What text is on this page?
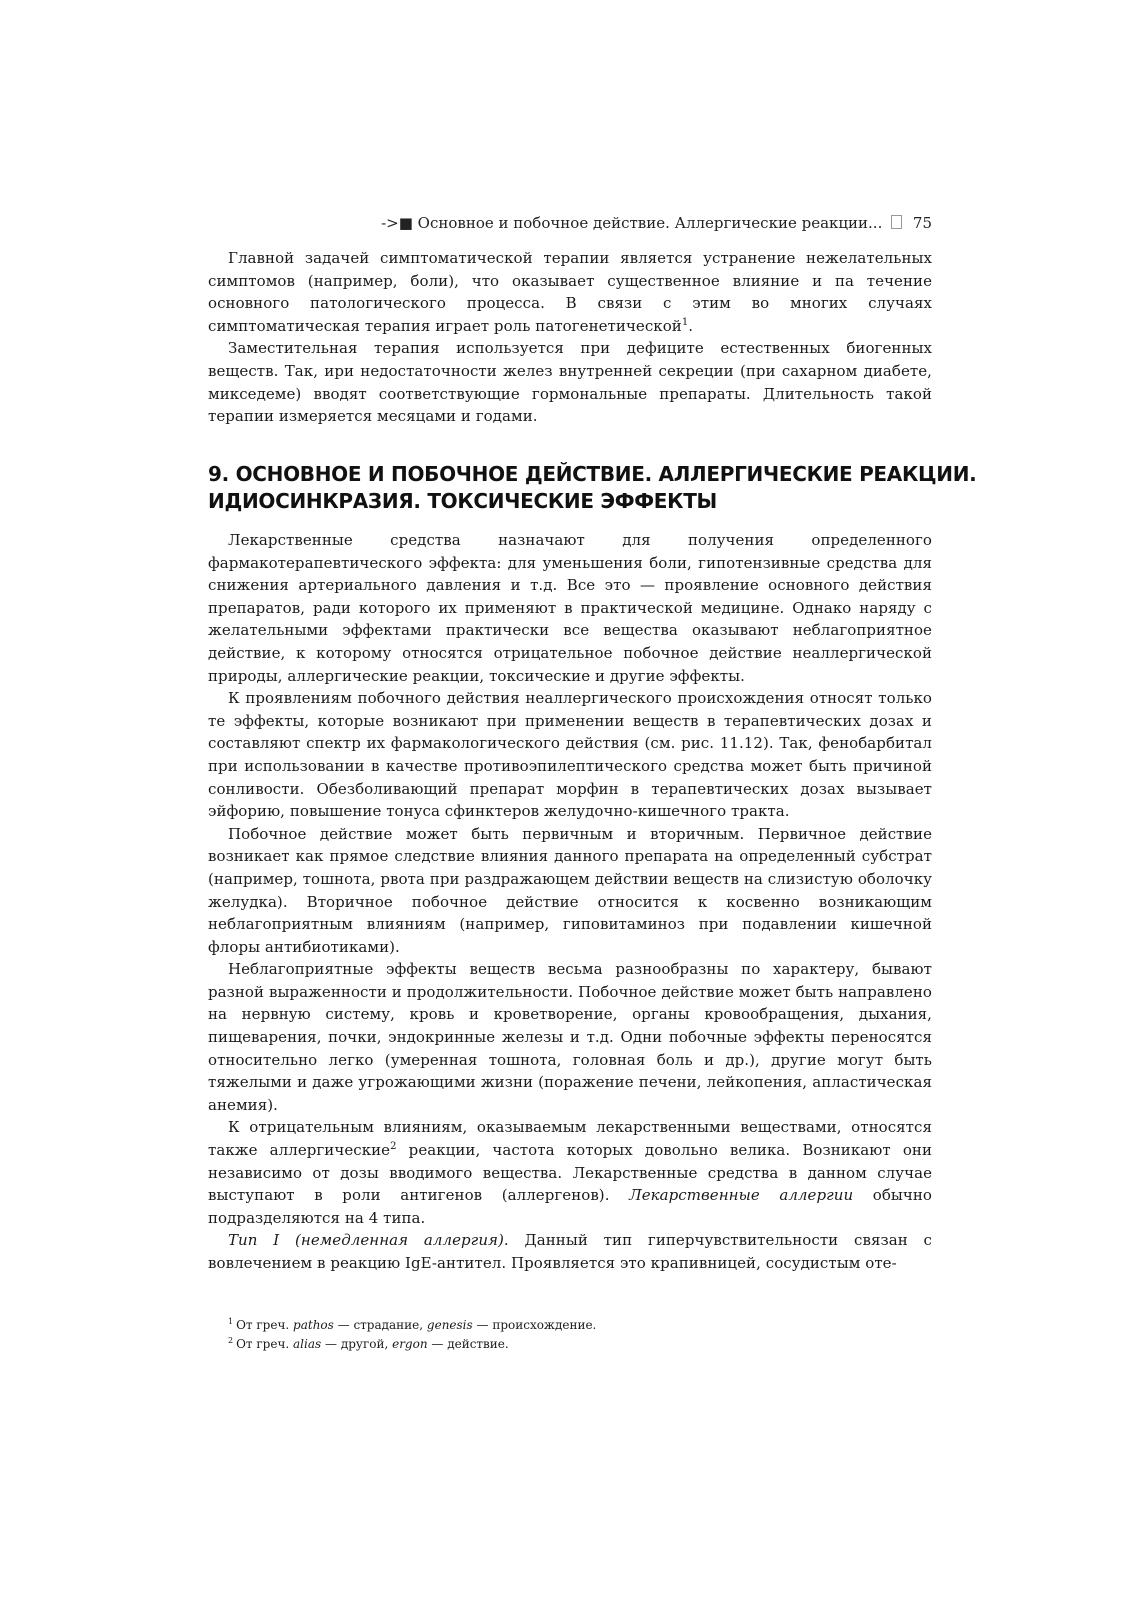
->■ Основное и побочное действие. Аллергические реакции... 75

Главной задачей симптоматической терапии является устранение нежелательных симптомов (например, боли), что оказывает существенное влияние и па течение основного патологического процесса. В связи с этим во многих случаях симптоматическая терапия играет роль патогенетической$^1$.

Заместительная терапия используется при дефиците естественных биогенных веществ. Так, ири недостаточности желез внутренней секреции (при сахарном диабете, микседеме) вводят соответствующие гормональные препараты. Длительность такой терапии измеряется месяцами и годами.

9. ОСНОВНОЕ И ПОБОЧНОЕ ДЕЙСТВИЕ. АЛЛЕРГИЧЕСКИЕ РЕАКЦИИ.
ИДИОСИНКРАЗИЯ. ТОКСИЧЕСКИЕ ЭФФЕКТЫ

Лекарственные средства назначают для получения определенного фармакотерапевтического эффекта: для уменьшения боли, гипотензивные средства для снижения артериального давления и т.д. Все это — проявление основного действия препаратов, ради которого их применяют в практической медицине. Однако наряду с желательными эффектами практически все вещества оказывают неблагоприятное действие, к которому относятся отрицательное побочное действие неаллергической природы, аллергические реакции, токсические и другие эффекты.

К проявлениям побочного действия неаллергического происхождения относят только те эффекты, которые возникают при применении веществ в терапевтических дозах и составляют спектр их фармакологического действия (см. рис. 11.12). Так, фенобарбитал при использовании в качестве противоэпилептического средства может быть причиной сонливости. Обезболивающий препарат морфин в терапевтических дозах вызывает эйфорию, повышение тонуса сфинктеров желудочно-кишечного тракта.

Побочное действие может быть первичным и вторичным. Первичное действие возникает как прямое следствие влияния данного препарата на определенный субстрат (например, тошнота, рвота при раздражающем действии веществ на слизистую оболочку желудка). Вторичное побочное действие относится к косвенно возникающим неблагоприятным влияниям (например, гиповитаминоз при подавлении кишечной флоры антибиотиками).

Неблагоприятные эффекты веществ весьма разнообразны по характеру, бывают разной выраженности и продолжительности. Побочное действие может быть направлено на нервную систему, кровь и кроветворение, органы кровообращения, дыхания, пищеварения, почки, эндокринные железы и т.д. Одни побочные эффекты переносятся относительно легко (умеренная тошнота, головная боль и др.), другие могут быть тяжелыми и даже угрожающими жизни (поражение печени, лейкопения, апластическая анемия).

К отрицательным влияниям, оказываемым лекарственными веществами, относятся также аллергические$^2$ реакции, частота которых довольно велика. Возникают они независимо от дозы вводимого вещества. Лекарственные средства в данном случае выступают в роли антигенов (аллергенов). Лекарственные аллергии обычно подразделяются на 4 типа.

Тип I (немедленная аллергия). Данный тип гиперчувствительности связан с вовлечением в реакцию IgE-антител. Проявляется это крапивницей, сосудистым оте-

$^1$ От греч. pathos — страдание, genesis — происхождение.

$^2$ От греч. alias — другой, ergon — действие.
